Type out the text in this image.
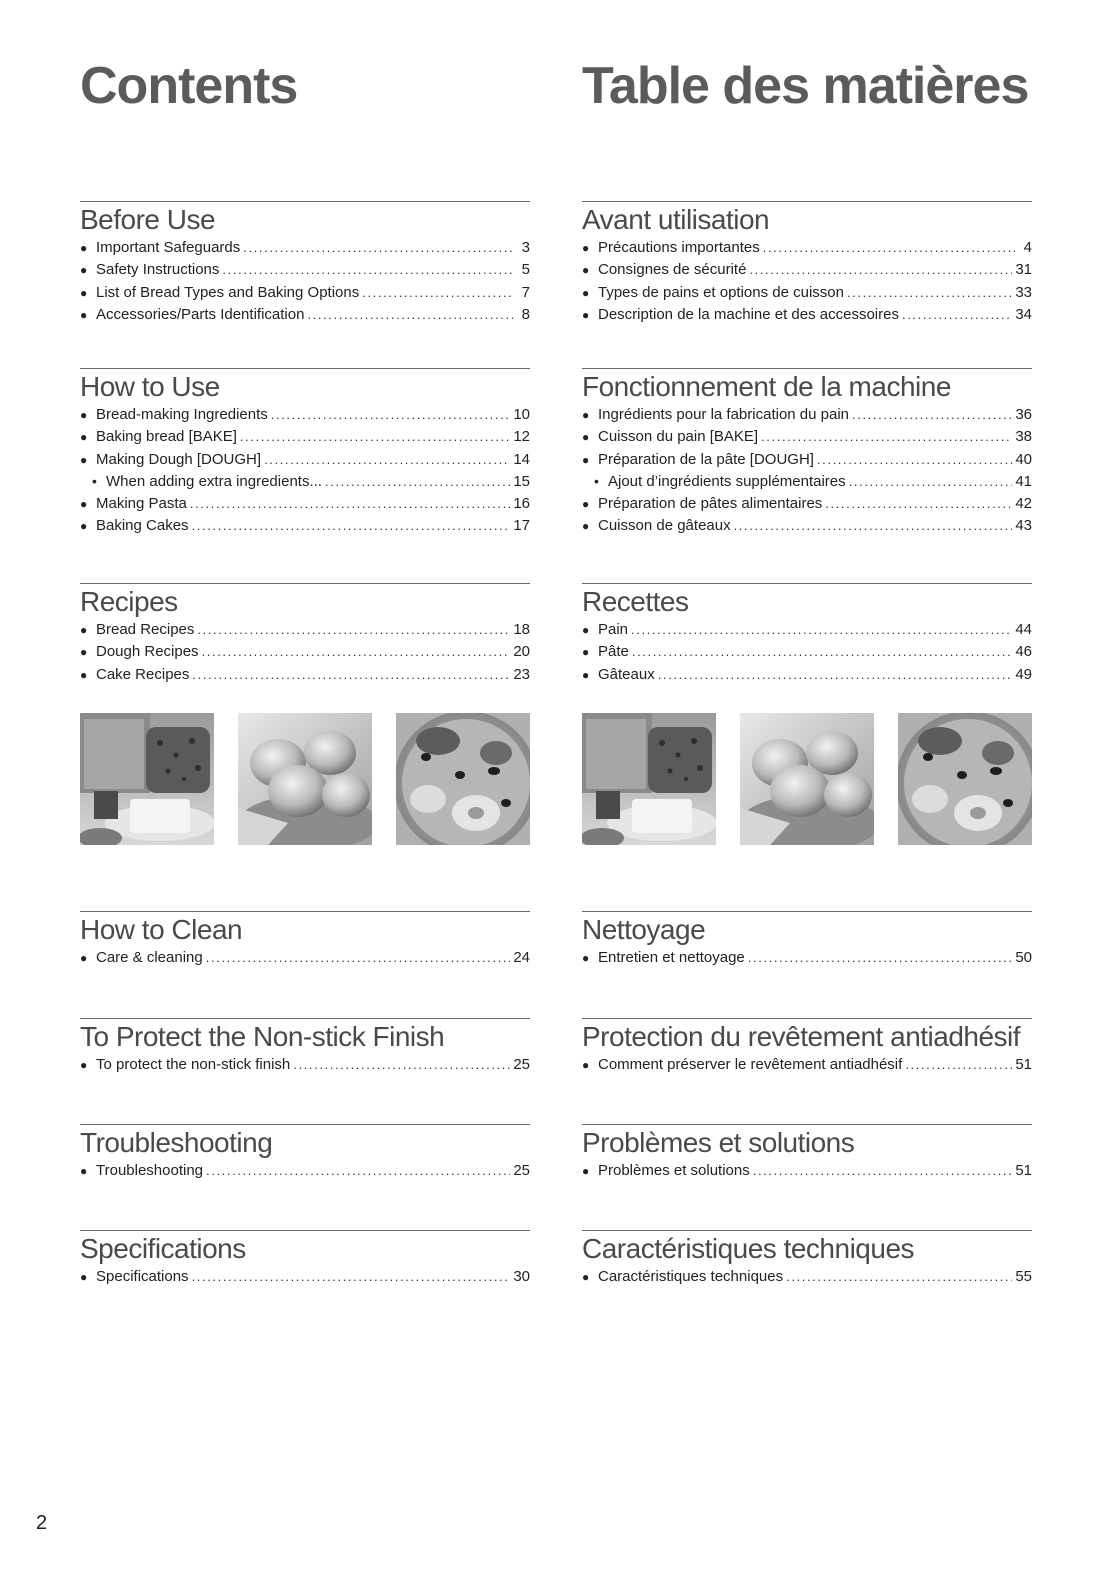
Contents
Before Use
● Important Safeguards .....	3
● Safety Instructions .....	5
● List of Bread Types and Baking Options .....	7
● Accessories/Parts Identification .....	8
How to Use
● Bread-making Ingredients .....	10
● Baking bread [BAKE] .....	12
● Making Dough [DOUGH] .....	14
• When adding extra ingredients... .....	15
● Making Pasta .....	16
● Baking Cakes .....	17
Recipes
● Bread Recipes .....	18
● Dough Recipes .....	20
● Cake Recipes .....	23
How to Clean
● Care & cleaning .....	24
To Protect the Non-stick Finish
● To protect the non-stick finish .....	25
Troubleshooting
● Troubleshooting .....	25
Specifications
● Specifications .....	30
Table des matières
Avant utilisation
● Précautions importantes .....	4
● Consignes de sécurité .....	31
● Types de pains et options de cuisson .....	33
● Description de la machine et des accessoires .....	34
Fonctionnement de la machine
● Ingrédients pour la fabrication du pain .....	36
● Cuisson du pain [BAKE] .....	38
● Préparation de la pâte [DOUGH] .....	40
• Ajout d’ingrédients supplémentaires .....	41
● Préparation de pâtes alimentaires .....	42
● Cuisson de gâteaux .....	43
Recettes
● Pain .....	44
● Pâte .....	46
● Gâteaux .....	49
Nettoyage
● Entretien et nettoyage .....	50
Protection du revêtement antiadhésif
● Comment préserver le revêtement antiadhésif .....	51
Problèmes et solutions
● Problèmes et solutions .....	51
Caractéristiques techniques
● Caractéristiques techniques .....	55
2
